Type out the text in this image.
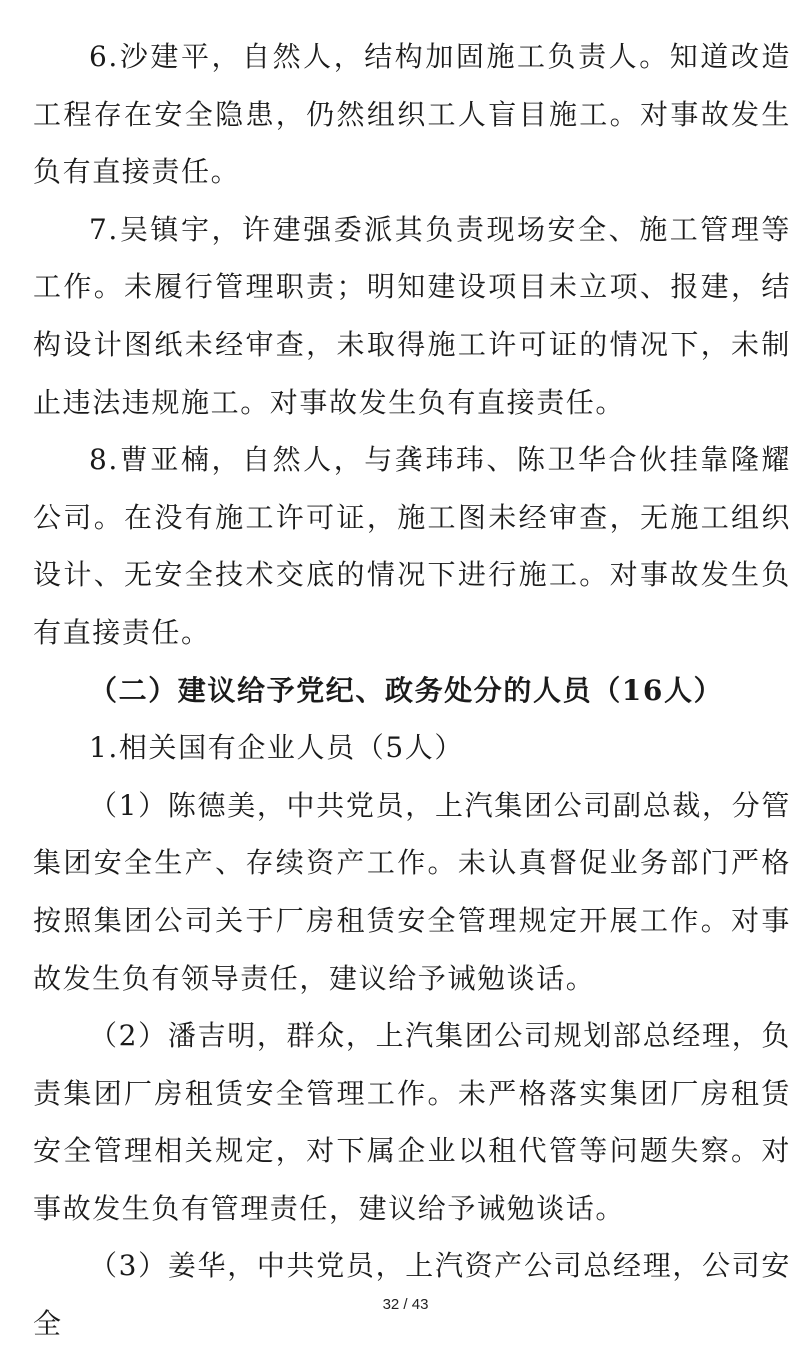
6.沙建平，自然人，结构加固施工负责人。知道改造工程存在安全隐患，仍然组织工人盲目施工。对事故发生负有直接责任。

7.吴镇宇，许建强委派其负责现场安全、施工管理等工作。未履行管理职责；明知建设项目未立项、报建，结构设计图纸未经审查，未取得施工许可证的情况下，未制止违法违规施工。对事故发生负有直接责任。

8.曹亚楠，自然人，与龚玮玮、陈卫华合伙挂靠隆耀公司。在没有施工许可证，施工图未经审查，无施工组织设计、无安全技术交底的情况下进行施工。对事故发生负有直接责任。

（二）建议给予党纪、政务处分的人员（16人）

1.相关国有企业人员（5人）

（1）陈德美，中共党员，上汽集团公司副总裁，分管集团安全生产、存续资产工作。未认真督促业务部门严格按照集团公司关于厂房租赁安全管理规定开展工作。对事故发生负有领导责任，建议给予诫勉谈话。

（2）潘吉明，群众，上汽集团公司规划部总经理，负责集团厂房租赁安全管理工作。未严格落实集团厂房租赁安全管理相关规定，对下属企业以租代管等问题失察。对事故发生负有管理责任，建议给予诫勉谈话。

（3）姜华，中共党员，上汽资产公司总经理，公司安全

32 / 43
